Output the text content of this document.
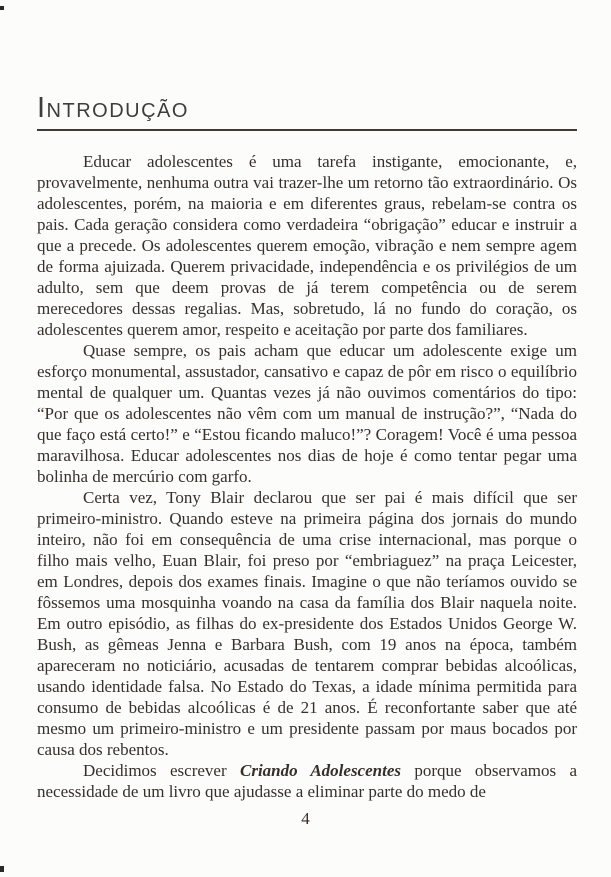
Introdução

Educar adolescentes é uma tarefa instigante, emocionante, e, provavelmente, nenhuma outra vai trazer-lhe um retorno tão extraordinário. Os adolescentes, porém, na maioria e em diferentes graus, rebelam-se contra os pais. Cada geração considera como verdadeira “obrigação” educar e instruir a que a precede. Os adolescentes querem emoção, vibração e nem sempre agem de forma ajuizada. Querem privacidade, independência e os privilégios de um adulto, sem que deem provas de já terem competência ou de serem merecedores dessas regalias. Mas, sobretudo, lá no fundo do coração, os adolescentes querem amor, respeito e aceitação por parte dos familiares.

Quase sempre, os pais acham que educar um adolescente exige um esforço monumental, assustador, cansativo e capaz de pôr em risco o equilíbrio mental de qualquer um. Quantas vezes já não ouvimos comentários do tipo: “Por que os adolescentes não vêm com um manual de instrução?”, “Nada do que faço está certo!” e “Estou ficando maluco!”? Coragem! Você é uma pessoa maravilhosa. Educar adolescentes nos dias de hoje é como tentar pegar uma bolinha de mercúrio com garfo.

Certa vez, Tony Blair declarou que ser pai é mais difícil que ser primeiro-ministro. Quando esteve na primeira página dos jornais do mundo inteiro, não foi em consequência de uma crise internacional, mas porque o filho mais velho, Euan Blair, foi preso por “embriaguez” na praça Leicester, em Londres, depois dos exames finais. Imagine o que não teríamos ouvido se fôssemos uma mosquinha voando na casa da família dos Blair naquela noite. Em outro episódio, as filhas do ex-presidente dos Estados Unidos George W. Bush, as gêmeas Jenna e Barbara Bush, com 19 anos na época, também apareceram no noticiário, acusadas de tentarem comprar bebidas alcoólicas, usando identidade falsa. No Estado do Texas, a idade mínima permitida para consumo de bebidas alcoólicas é de 21 anos. É reconfortante saber que até mesmo um primeiro-ministro e um presidente passam por maus bocados por causa dos rebentos.

Decidimos escrever Criando Adolescentes porque observamos a necessidade de um livro que ajudasse a eliminar parte do medo de

4
